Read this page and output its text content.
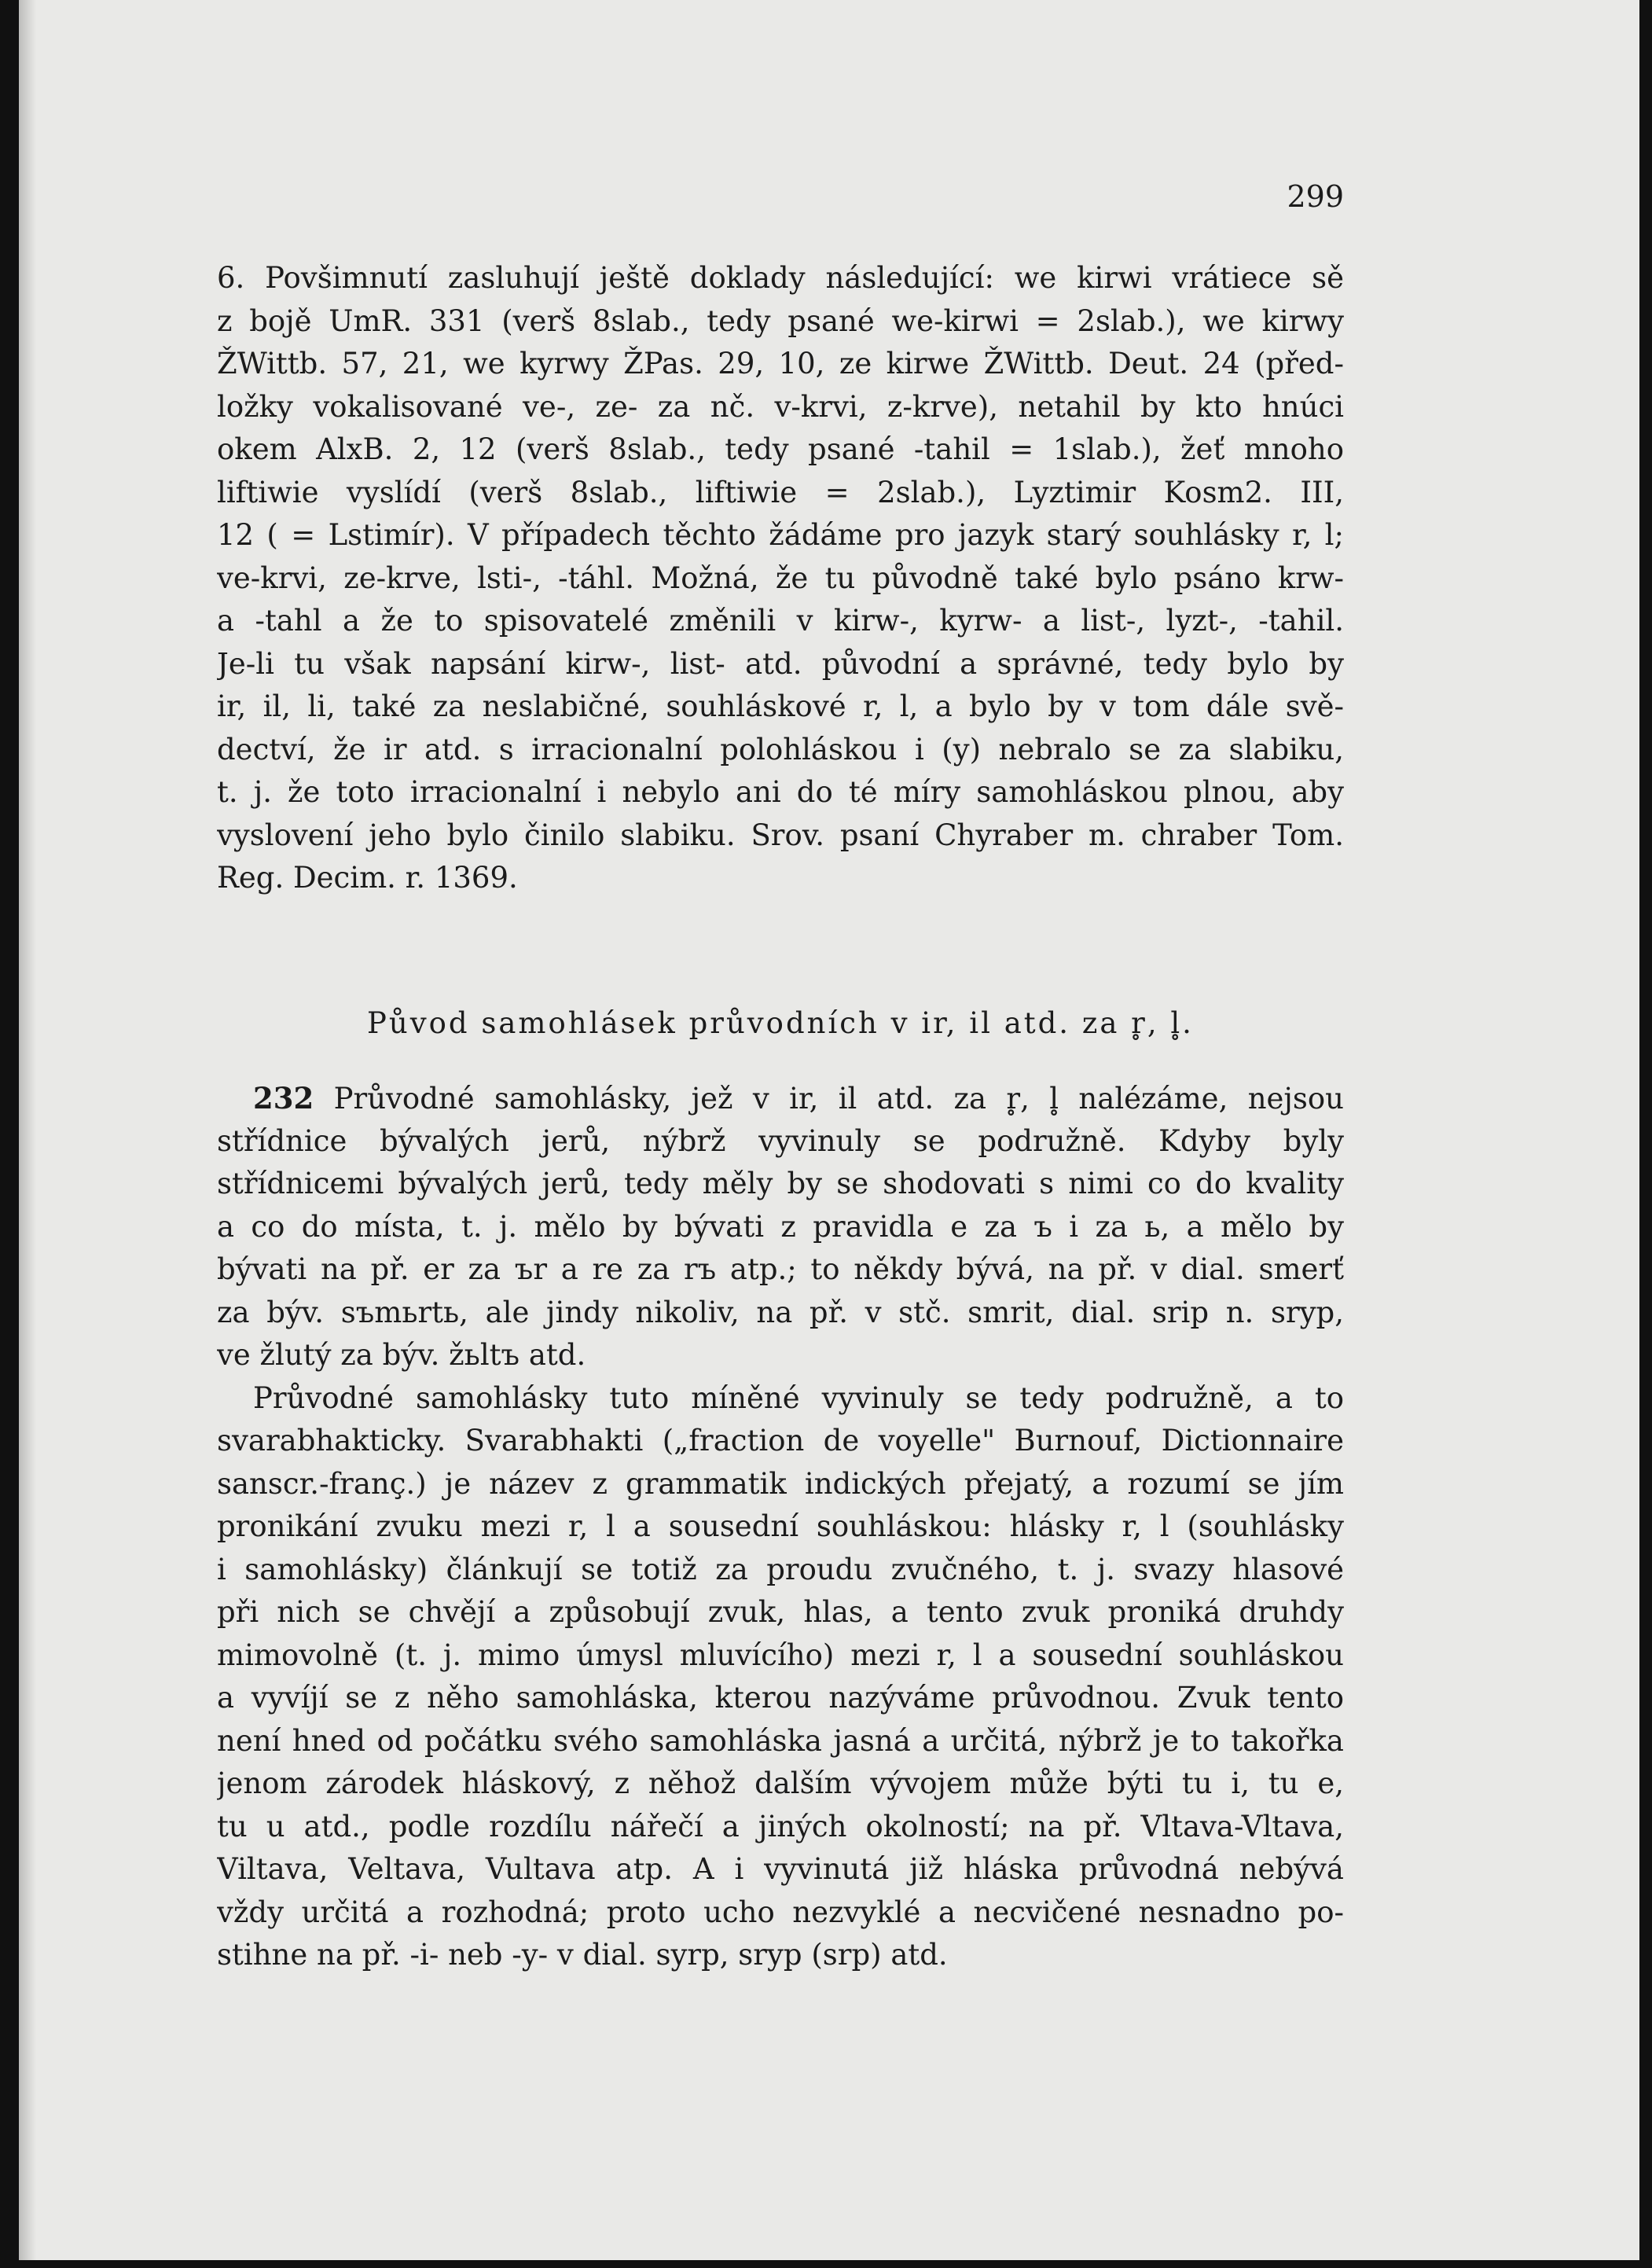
299
6. Povšimnutí zasluhují ještě doklady následující: we kirwi vrátiece sě
z bojě UmR. 331 (verš 8slab., tedy psané we-kirwi = 2slab.), we kirwy
ŽWittb. 57, 21, we kyrwy ŽPas. 29, 10, ze kirwe ŽWittb. Deut. 24 (před-
ložky vokalisované ve-, ze- za nč. v-krvi, z-krve), netahil by kto hnúci
okem AlxB. 2, 12 (verš 8slab., tedy psané -tahil = 1slab.), žeť mnoho
liftiwie vyslídí (verš 8slab., liftiwie = 2slab.), Lyztimir Kosm2. III,
12 ( = Lstimír). V případech těchto žádáme pro jazyk starý souhlásky r, l;
ve-krvi, ze-krve, lsti-, -táhl. Možná, že tu původně také bylo psáno krw-
a -tahl a že to spisovatelé změnili v kirw-, kyrw- a list-, lyzt-, -tahil.
Je-li tu však napsání kirw-, list- atd. původní a správné, tedy bylo by
ir, il, li, také za neslabičné, souhláskové r, l, a bylo by v tom dále svě-
dectví, že ir atd. s irracionalní polohláskou i (y) nebralo se za slabiku,
t. j. že toto irracionalní i nebylo ani do té míry samohláskou plnou, aby
vyslovení jeho bylo činilo slabiku. Srov. psaní Chyraber m. chraber Tom.
Reg. Decim. r. 1369.
Původ samohlásek průvodních v ir, il atd. za r̥, l̥.
232 Průvodné samohlásky, jež v ir, il atd. za r̥, l̥ nalézáme, nejsou
střídnice bývalých jerů, nýbrž vyvinuly se podružně. Kdyby byly
střídnicemi bývalých jerů, tedy měly by se shodovati s nimi co do kvality
a co do místa, t. j. mělo by bývati z pravidla e za ъ i za ь, a mělo by
bývati na př. er za ъr a re za rъ atp.; to někdy bývá, na př. v dial. smerť
za býv. sъmьrtь, ale jindy nikoliv, na př. v stč. smrit, dial. srip n. sryp,
ve žlutý za býv. žьltъ atd.
Průvodné samohlásky tuto míněné vyvinuly se tedy podružně, a to
svarabhakticky. Svarabhakti („fraction de voyelle" Burnouf, Dictionnaire
sanscr.-franç.) je název z grammatik indických přejatý, a rozumí se jím
pronikání zvuku mezi r, l a sousední souhláskou: hlásky r, l (souhlásky
i samohlásky) článkují se totiž za proudu zvučného, t. j. svazy hlasové
při nich se chvějí a způsobují zvuk, hlas, a tento zvuk proniká druhdy
mimovolně (t. j. mimo úmysl mluvícího) mezi r, l a sousední souhláskou
a vyvíjí se z něho samohláska, kterou nazýváme průvodnou. Zvuk tento
není hned od počátku svého samohláska jasná a určitá, nýbrž je to takořka
jenom zárodek hláskový, z něhož dalším vývojem může býti tu i, tu e,
tu u atd., podle rozdílu nářečí a jiných okolností; na př. Vltava-Vltava,
Viltava, Veltava, Vultava atp. A i vyvinutá již hláska průvodná nebývá
vždy určitá a rozhodná; proto ucho nezvyklé a necvičené nesnadno po-
stihne na př. -i- neb -y- v dial. syrp, sryp (srp) atd.
